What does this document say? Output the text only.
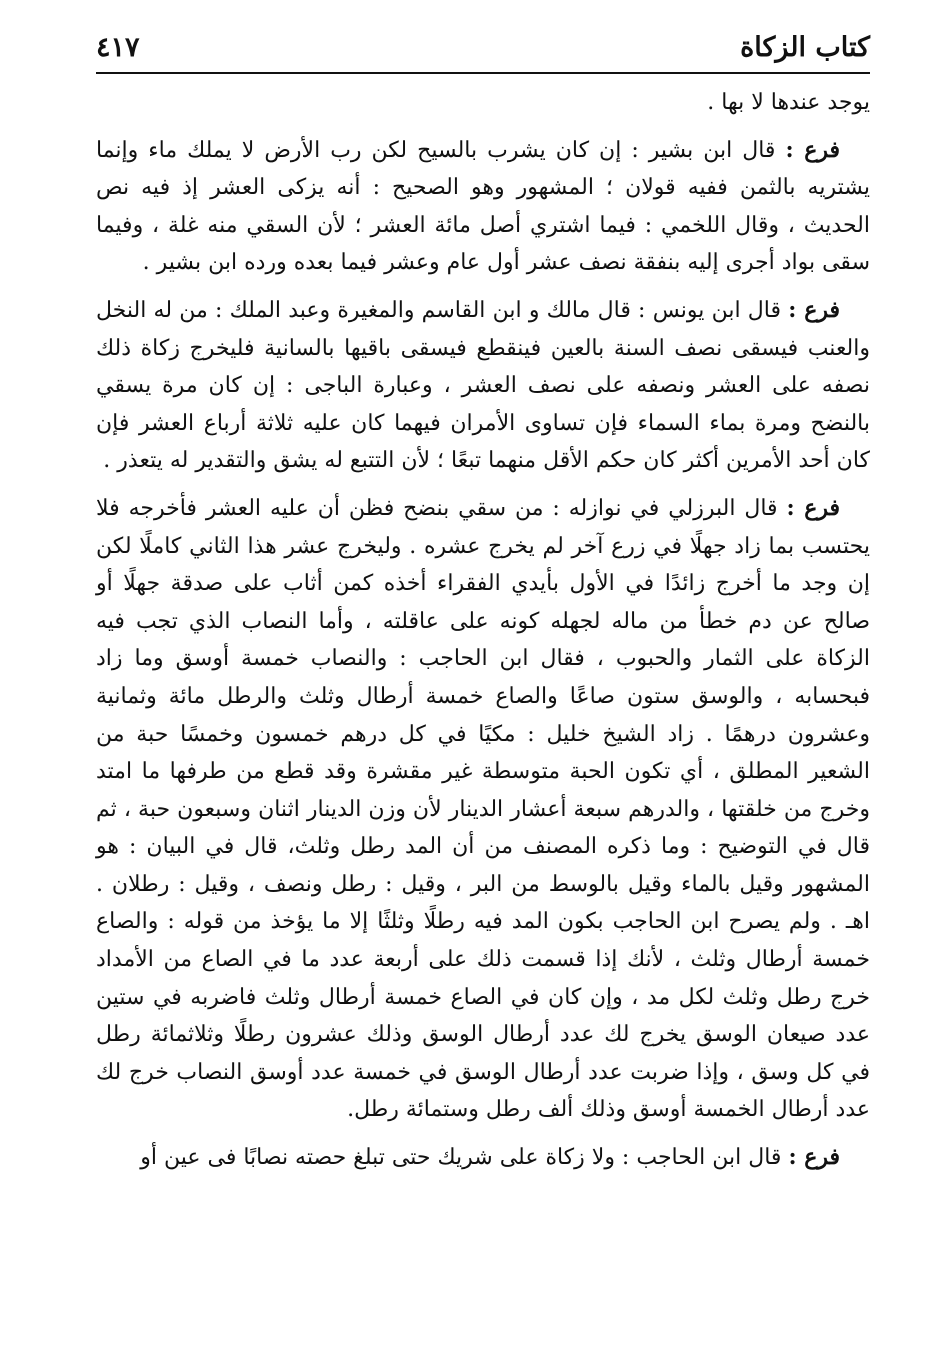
كتاب الزكاة
٤١٧

يوجد عندها لا بها .

فرع : قال ابن بشير : إن كان يشرب بالسيح لكن رب الأرض لا يملك ماء وإنما يشتريه بالثمن ففيه قولان ؛ المشهور وهو الصحيح : أنه يزكى العشر إذ فيه نص الحديث ، وقال اللخمي : فيما اشتري أصل مائة العشر ؛ لأن السقي منه غلة ، وفيما سقى بواد أجرى إليه بنفقة نصف عشر أول عام وعشر فيما بعده ورده ابن بشير .

فرع : قال ابن يونس : قال مالك و ابن القاسم والمغيرة وعبد الملك : من له النخل والعنب فيسقى نصف السنة بالعين فينقطع فيسقى باقيها بالسانية فليخرج زكاة ذلك نصفه على العشر ونصفه على نصف العشر ، وعبارة الباجى : إن كان مرة يسقي بالنضح ومرة بماء السماء فإن تساوى الأمران فيهما كان عليه ثلاثة أرباع العشر فإن كان أحد الأمرين أكثر كان حكم الأقل منهما تبعًا ؛ لأن التتبع له يشق والتقدير له يتعذر .

فرع : قال البرزلي في نوازله : من سقي بنضح فظن أن عليه العشر فأخرجه فلا يحتسب بما زاد جهلًا في زرع آخر لم يخرج عشره . وليخرج عشر هذا الثاني كاملًا لكن إن وجد ما أخرج زائدًا في الأول بأيدي الفقراء أخذه كمن أثاب على صدقة جهلًا أو صالح عن دم خطأ من ماله لجهله كونه على عاقلته ، وأما النصاب الذي تجب فيه الزكاة على الثمار والحبوب ، فقال ابن الحاجب : والنصاب خمسة أوسق وما زاد فبحسابه ، والوسق ستون صاعًا والصاع خمسة أرطال وثلث والرطل مائة وثمانية وعشرون درهمًا . زاد الشيخ خليل : مكيًا في كل درهم خمسون وخمسًا حبة من الشعير المطلق ، أي تكون الحبة متوسطة غير مقشرة وقد قطع من طرفها ما امتد وخرج من خلقتها ، والدرهم سبعة أعشار الدينار لأن وزن الدينار اثنان وسبعون حبة ، ثم قال في التوضيح : وما ذكره المصنف من أن المد رطل وثلث، قال في البيان : هو المشهور وقيل بالماء وقيل بالوسط من البر ، وقيل : رطل ونصف ، وقيل : رطلان . اهـ . ولم يصرح ابن الحاجب بكون المد فيه رطلًا وثلثًا إلا ما يؤخذ من قوله : والصاع خمسة أرطال وثلث ، لأنك إذا قسمت ذلك على أربعة عدد ما في الصاع من الأمداد خرج رطل وثلث لكل مد ، وإن كان في الصاع خمسة أرطال وثلث فاضربه في ستين عدد صيعان الوسق يخرج لك عدد أرطال الوسق وذلك عشرون رطلًا وثلاثمائة رطل في كل وسق ، وإذا ضربت عدد أرطال الوسق في خمسة عدد أوسق النصاب خرج لك عدد أرطال الخمسة أوسق وذلك ألف رطل وستمائة رطل.

فرع : قال ابن الحاجب : ولا زكاة على شريك حتى تبلغ حصته نصابًا فى عين أو
